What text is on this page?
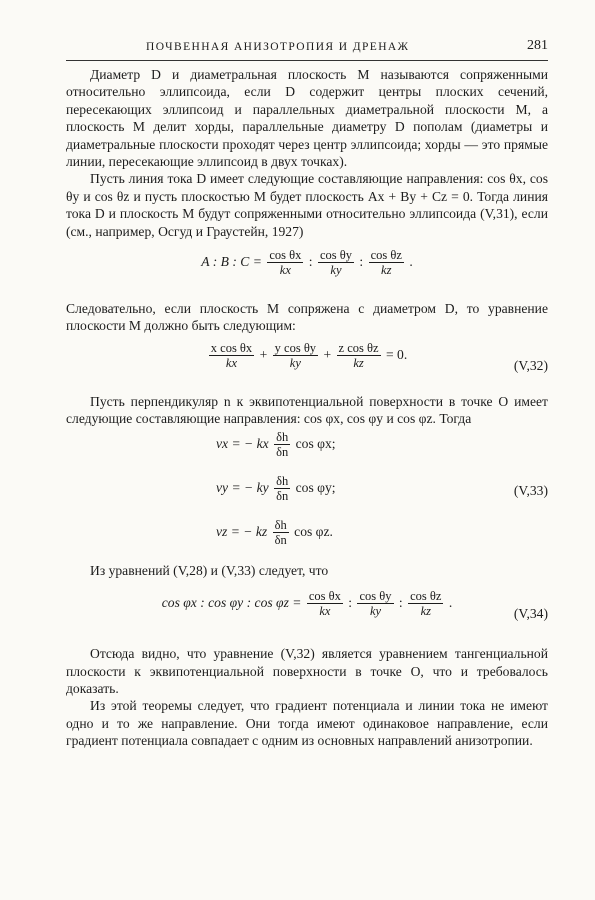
ПОЧВЕННАЯ АНИЗОТРОПИЯ И ДРЕНАЖ	281

Диаметр D и диаметральная плоскость M называются сопряженными относительно эллипсоида, если D содержит центры плоских сечений, пересекающих эллипсоид и параллельных диаметральной плоскости M, а плоскость M делит хорды, параллельные диаметру D пополам (диаметры и диаметральные плоскости проходят через центр эллипсоида; хорды — это прямые линии, пересекающие эллипсоид в двух точках).

Пусть линия тока D имеет следующие составляющие направления: cos θx, cos θy и cos θz и пусть плоскостью M будет плоскость Ax + By + Cz = 0. Тогда линия тока D и плоскость M будут сопряженными относительно эллипсоида (V,31), если (см., например, Осгуд и Граустейн, 1927)

A : B : $C = \frac{\text{cos θx}}{kx}$ : $\frac{\text{cos θy}}{ky}$ : $\frac{\text{cos θz}}{kz}$ .

Следовательно, если плоскость M сопряжена с диаметром D, то уравнение плоскости M должно быть следующим:

$\frac{\text{x cos θx}}{kx} + \frac{\text{y cos θy}}{ky} + \frac{\text{z cos θz}}{kz} = 0$.
(V,32)

Пусть перпендикуляр n к эквипотенциальной поверхности в точке O имеет следующие составляющие направления: cos φx, cos φy и cos φz. Тогда

vx = − kx $\frac{\delta h}{\delta n}$ cos φx;
vy = − ky $\frac{\delta h}{\delta n}$ cos φy;
vz = − kz $\frac{\delta h}{\delta n}$ cos φz.
(V,33)

Из уравнений (V,28) и (V,33) следует, что

cos φx : cos φy : $\cos \varphi z = \frac{\text{cos θx}}{kx}$ : $\frac{\text{cos θy}}{ky}$ : $\frac{\text{cos θz}}{kz}$ .
(V,34)

Отсюда видно, что уравнение (V,32) является уравнением тангенциальной плоскости к эквипотенциальной поверхности в точке O, что и требовалось доказать.

Из этой теоремы следует, что градиент потенциала и линии тока не имеют одно и то же направление. Они тогда имеют одинаковое направление, если градиент потенциала совпадает с одним из основных направлений анизотропии.
